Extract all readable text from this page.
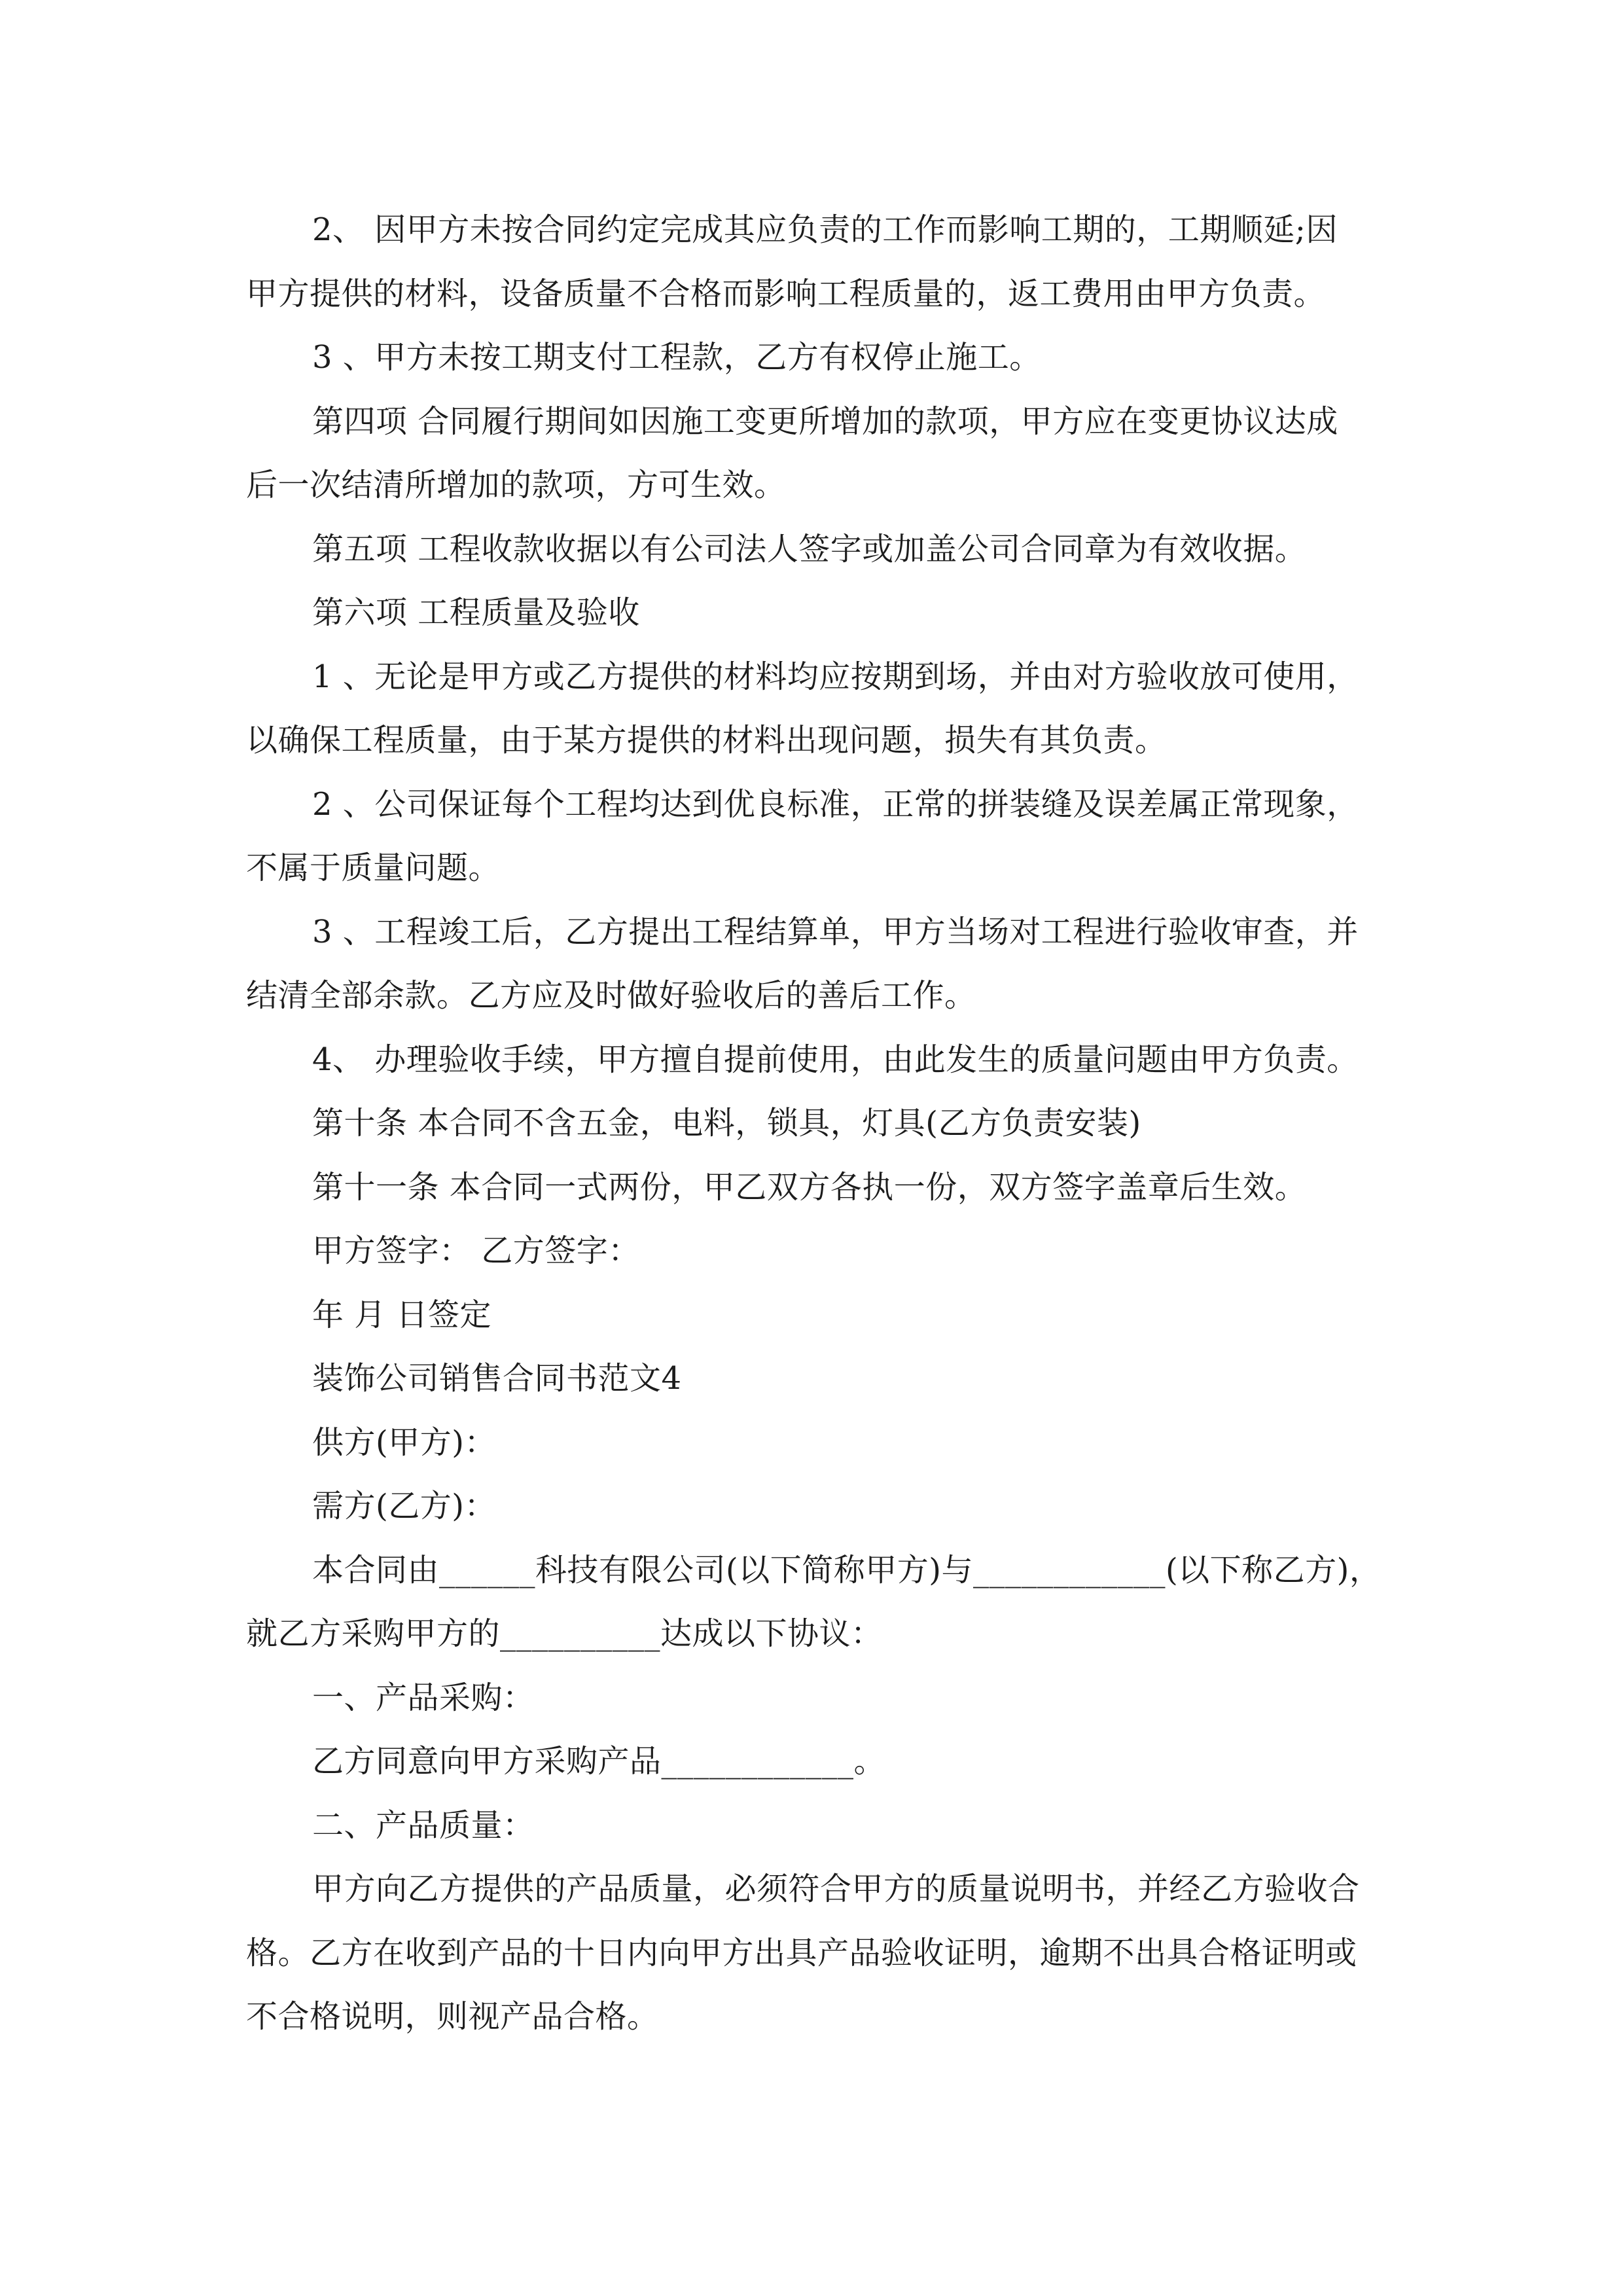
2、 因甲方未按合同约定完成其应负责的工作而影响工期的，工期顺延;因
甲方提供的材料，设备质量不合格而影响工程质量的，返工费用由甲方负责。
3 、甲方未按工期支付工程款，乙方有权停止施工。
第四项 合同履行期间如因施工变更所增加的款项，甲方应在变更协议达成
后一次结清所增加的款项，方可生效。
第五项 工程收款收据以有公司法人签字或加盖公司合同章为有效收据。
第六项 工程质量及验收
1 、无论是甲方或乙方提供的材料均应按期到场，并由对方验收放可使用，
以确保工程质量，由于某方提供的材料出现问题，损失有其负责。
2 、公司保证每个工程均达到优良标准，正常的拼装缝及误差属正常现象，
不属于质量问题。
3 、工程竣工后，乙方提出工程结算单，甲方当场对工程进行验收审查，并
结清全部余款。乙方应及时做好验收后的善后工作。
4、 办理验收手续，甲方擅自提前使用，由此发生的质量问题由甲方负责。
第十条 本合同不含五金，电料，锁具，灯具(乙方负责安装)
第十一条 本合同一式两份，甲乙双方各执一份，双方签字盖章后生效。
甲方签字： 乙方签字：
年 月 日签定
装饰公司销售合同书范文4
供方(甲方)：
需方(乙方)：
本合同由______科技有限公司(以下简称甲方)与____________(以下称乙方)，
就乙方采购甲方的__________达成以下协议：
一、产品采购：
乙方同意向甲方采购产品____________。
二、产品质量：
甲方向乙方提供的产品质量，必须符合甲方的质量说明书，并经乙方验收合
格。乙方在收到产品的十日内向甲方出具产品验收证明，逾期不出具合格证明或
不合格说明，则视产品合格。
